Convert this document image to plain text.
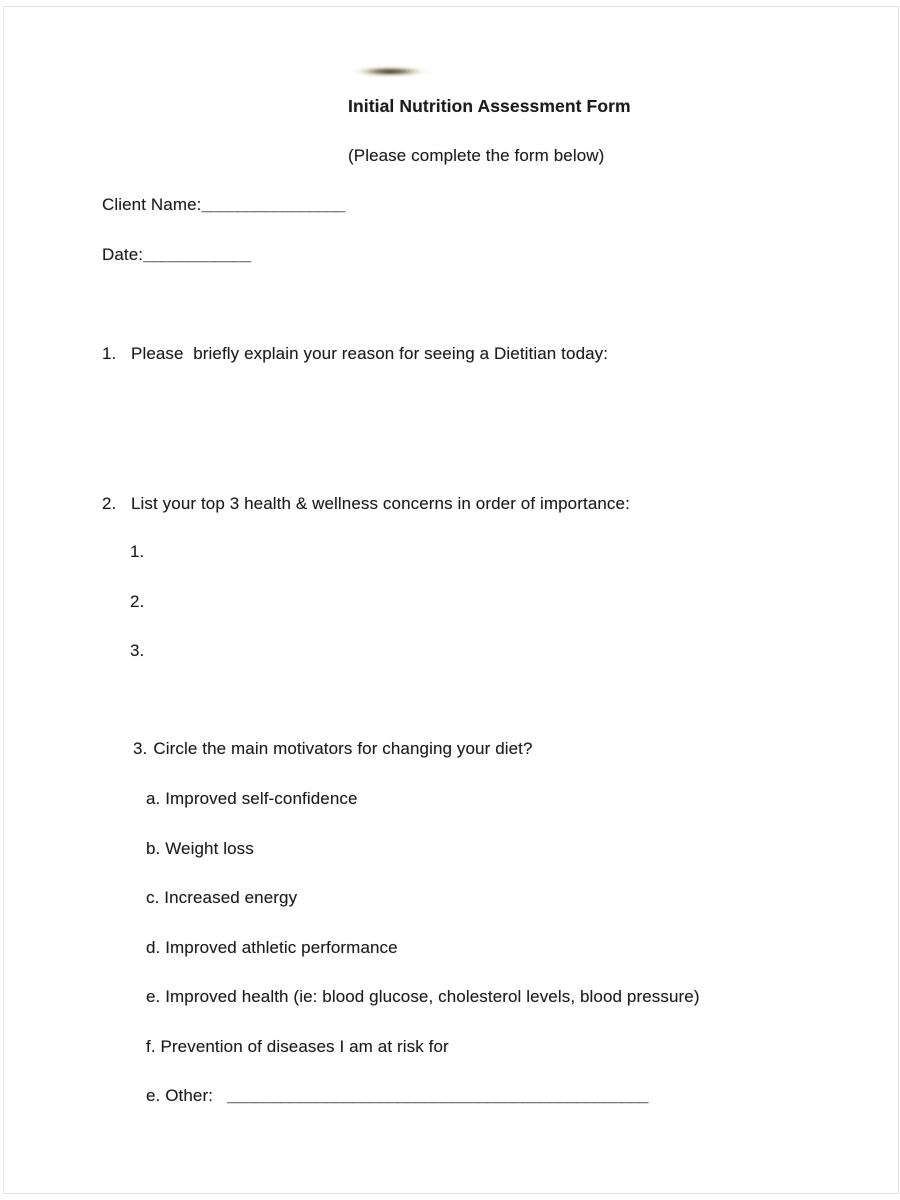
Initial Nutrition Assessment Form
(Please complete the form below)
Client Name:________________
Date:____________
1. Please  briefly explain your reason for seeing a Dietitian today:
2. List your top 3 health & wellness concerns in order of importance:
1.
2.
3.
3. Circle the main motivators for changing your diet?
a. Improved self-confidence
b. Weight loss
c. Increased energy
d. Improved athletic performance
e. Improved health (ie: blood glucose, cholesterol levels, blood pressure)
f. Prevention of diseases I am at risk for
e. Other: _______________________________________________
